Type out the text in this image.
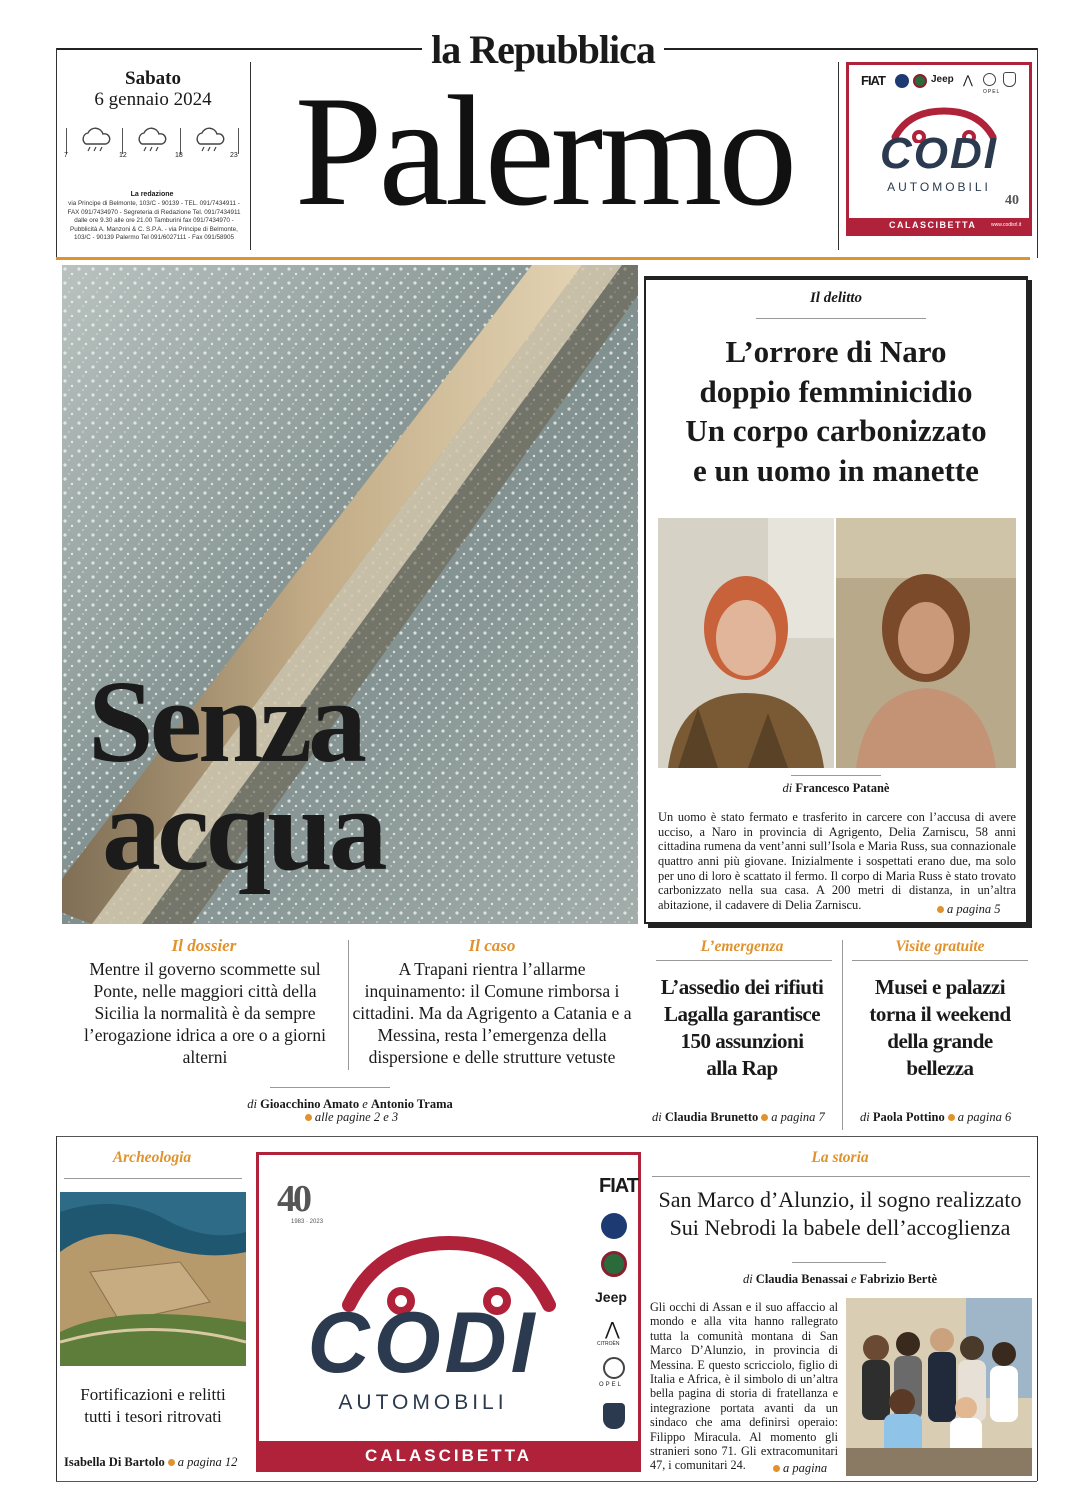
la Repubblica
Sabato
6 gennaio 2024
7	12	18	23
La redazione
via Principe di Belmonte, 103/C - 90139 - TEL. 091/7434911 - FAX 091/7434970 - Segreteria di Redazione Tel. 091/7434911 dalle ore 9.30 alle ore 21.00 Tamburini fax 091/7434970 - Pubblicità A. Manzoni & C. S.P.A. - via Principe di Belmonte, 103/C - 90139 Palermo Tel 091/6027111 - Fax 091/58905 Palermo	FIAT	Jeep ⋀
OPEL
CODI
AUTOMOBILI
40
CALASCIBETTA	www.codisrl.it
Senza
acqua
Il dossier
Mentre il governo scommette sul Ponte, nelle maggiori città della Sicilia la normalità è da sempre l’erogazione idrica a ore o a giorni alterni
Il caso
A Trapani rientra l’allarme inquinamento: il Comune rimborsa i cittadini. Ma da Agrigento a Catania e a Messina, resta l’emergenza della dispersione e delle strutture vetuste
di Gioacchino Amato e Antonio Trama
alle pagine 2 e 3
Il delitto
L’orrore di Naro
doppio femminicidio
Un corpo carbonizzato
e un uomo in manette
di Francesco Patanè
Un uomo è stato fermato e trasferito in carcere con l’accusa di avere ucciso, a Naro in provincia di Agrigento, Delia Zarniscu, 58 anni cittadina rumena da vent’anni sull’Isola e Maria Russ, sua connazionale quattro anni più giovane. Inizialmente i sospettati erano due, ma solo per uno di loro è scattato il fermo. Il corpo di Maria Russ è stato trovato carbonizzato nella sua casa. A 200 metri di distanza, in un’altra abitazione, il cadavere di Delia Zarniscu.	a pagina 5
L’emergenza
L’assedio dei rifiuti
Lagalla garantisce
150 assunzioni
alla Rap
di Claudia Brunetto a pagina 7
Visite gratuite
Musei e palazzi
torna il weekend
della grande
bellezza
di Paola Pottino a pagina 6
Archeologia
Fortificazioni e relitti
tutti i tesori ritrovati
Isabella Di Bartolo a pagina 12
40
1983 · 2023
CODI
AUTOMOBILI
FIAT
Jeep
⋀
CITROËN
OPEL
CALASCIBETTA
La storia
San Marco d’Alunzio, il sogno realizzato
Sui Nebrodi la babele dell’accoglienza
di Claudia Benassai e Fabrizio Bertè
Gli occhi di Assan e il suo affaccio al mondo e alla vita hanno rallegrato tutta la comunità montana di San Marco D’Alunzio, in provincia di Messina. E questo scricciolo, figlio di Italia e Africa, è il simbolo di un’altra bella pagina di storia di fratellanza e integrazione portata avanti da un sindaco che ama definirsi operaio: Filippo Miracula. Al momento gli stranieri sono 71. Gli extracomunitari 47, i comunitari 24.	a pagina
